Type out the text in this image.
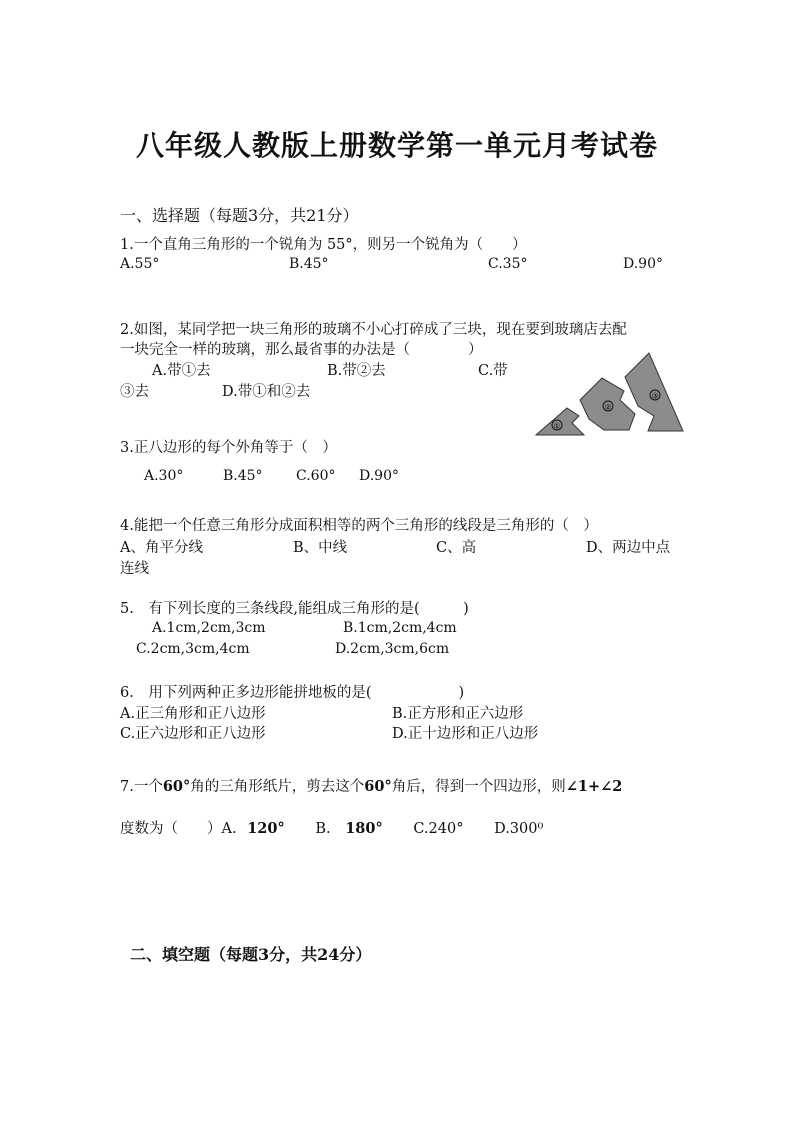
八年级人教版上册数学第一单元月考试卷
一、选择题（每题3分，共21分）
1.一个直角三角形的一个锐角为 55°，则另一个锐角为（　　）
A.55°	B.45°	C.35°	D.90°
2.如图，某同学把一块三角形的玻璃不小心打碎成了三块，现在要到玻璃店去配
一块完全一样的玻璃，那么最省事的办法是（　　　　）
A.带①去	B.带②去	C.带
③去	D.带①和②去
①
②
③
3.正八边形的每个外角等于（　）
A.30°	B.45° C.60° D.90°
4.能把一个任意三角形分成面积相等的两个三角形的线段是三角形的（　）
A、角平分线	B、中线	C、高	D、两边中点
连线
5.　有下列长度的三条线段,能组成三角形的是(　　　)
A.1cm,2cm,3cm	B.1cm,2cm,4cm
C.2cm,3cm,4cm	D.2cm,3cm,6cm
6.　用下列两种正多边形能拼地板的是(　　　　　　)
A.正三角形和正八边形	B.正方形和正六边形
C.正六边形和正八边形	D.正十边形和正八边形
7.一个60°角的三角形纸片，剪去这个60°角后，得到一个四边形，则∠1+∠2
度数为（　　）A. 120° B. 180° C.240° D.300⁰
二、填空题（每题3分，共24分）
